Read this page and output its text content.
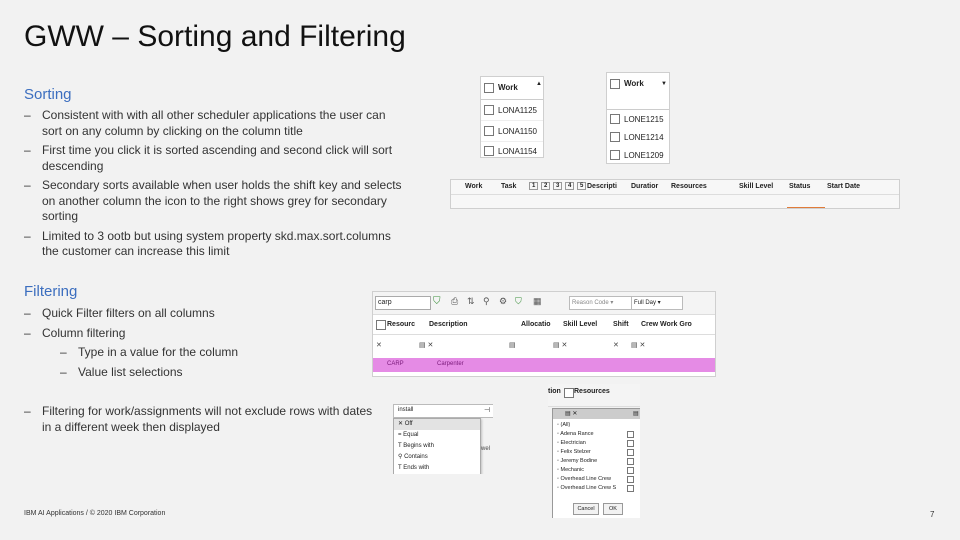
GWW – Sorting and Filtering
Sorting
– Consistent with with all other scheduler applications the user can sort on any column by clicking on the column title
– First time you click it is sorted ascending and second click will sort descending
– Secondary sorts available when user holds the shift key and selects on another column the icon to the right shows grey for secondary sorting
– Limited to 3 ootb but using system property skd.max.sort.columns the customer can increase this limit
Filtering
– Quick Filter filters on all columns
– Column filtering
– Type in a value for the column
– Value list selections
– Filtering for work/assignments will not exclude rows with dates in a different week then displayed
IBM AI Applications / © 2020 IBM Corporation	7
Work	▲
LONA1125
LONA1150
LONA1154
Work	▼
LONE1215
LONE1214
LONE1209
Work	Task	1	2	3	4	5 Descripti Duratior Resources	Skill Level Status Start Date
carp	⛉ ⎙ ⇅ ⚲ ⚙ ⛉ ▦	Reason Code ▾	Full Day ▾
Resourc Description	Allocatio Skill Level Shift Crew Work Gro
✕	▤ ✕	▤	▤ ✕	✕ ▤ ✕
CARP	Carpenter
install	⊣
✕ Off
= Equal
T Begins with
⚲ Contains
T Ends with
wel
tion Resources
▤ ✕	▤
◦ (All)
◦ Adena Rance
◦ Electrician
◦ Felix Stelzer
◦ Jeremy Bodine
◦ Mechanic
◦ Overhead Line Crew
◦ Overhead Line Crew S
Cancel	OK
